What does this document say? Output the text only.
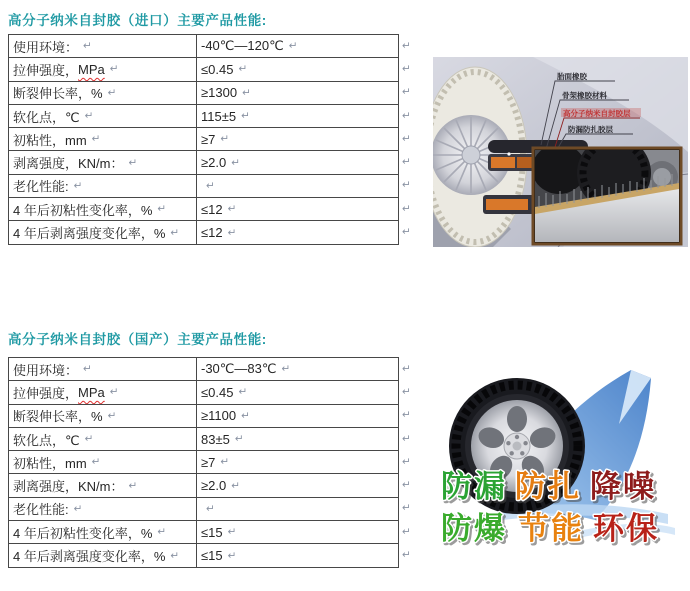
高分子纳米自封胶（进口）主要产品性能:
使用环境： ↵	-40℃—120℃ ↵
拉伸强度， MPa ↵	≤0.45 ↵
断裂伸长率，% ↵	≥1300 ↵
软化点，℃ ↵	115±5 ↵
初粘性，mm ↵	≥7 ↵
剥离强度，KN/m： ↵	≥2.0 ↵
老化性能: ↵	↵
4 年后初粘性变化率，% ↵	≤12 ↵
4 年后剥离强度变化率，% ↵ ≤12 ↵
↵
↵
↵
↵
↵
↵
↵
↵
↵
胎面橡胶
骨架橡胶材料
高分子纳米自封胶层
防漏防扎胶层
高分子纳米自封胶（国产）主要产品性能:
使用环境： ↵	-30℃—83℃ ↵
拉伸强度， MPa ↵	≤0.45 ↵
断裂伸长率，% ↵	≥1100 ↵
软化点，℃ ↵	83±5 ↵
初粘性，mm ↵	≥7 ↵
剥离强度，KN/m： ↵	≥2.0 ↵
老化性能: ↵	↵
4 年后初粘性变化率，% ↵	≤15 ↵
4 年后剥离强度变化率，% ↵ ≤15 ↵
↵
↵
↵
↵
↵
↵
↵
↵
↵
防漏 防扎 降噪
防爆 节能 环保
